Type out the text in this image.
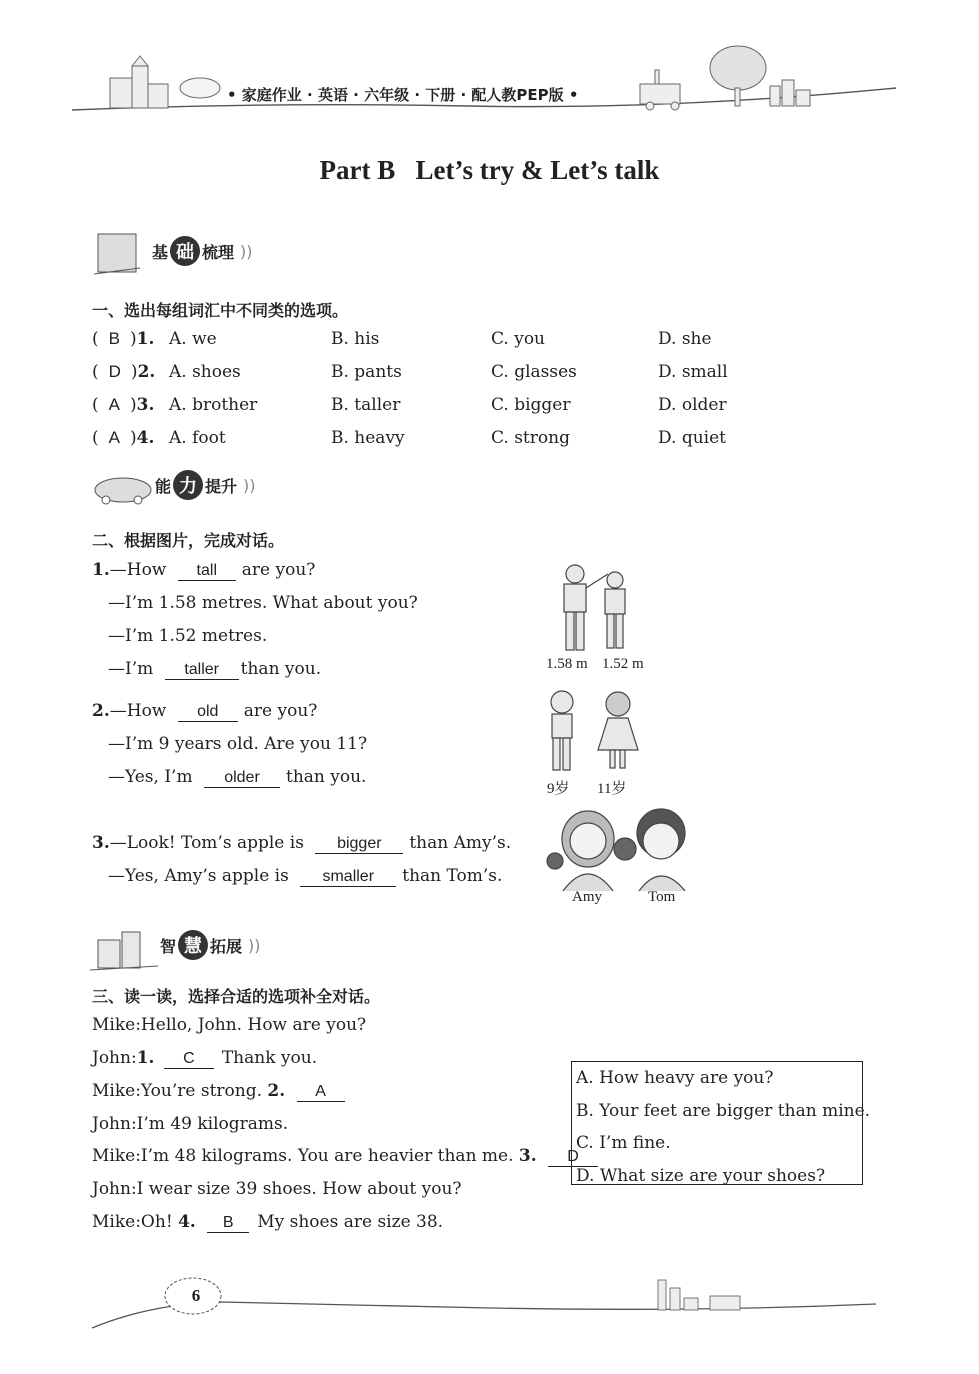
• 家庭作业 · 英语 · 六年级 · 下册 · 配人教PEP版 •
Part B   Let’s try & Let’s talk
基 础 梳理 ))
一、选出每组词汇中不同类的选项。
( B )1. A. we	B. his	C. you	D. she
( D )2. A. shoes	B. pants	C. glasses	D. small
( A )3. A. brother	B. taller	C. bigger	D. older
( A )4. A. foot	B. heavy	C. strong	D. quiet
能 力 提升 ))
二、根据图片，完成对话。
1.—How tall are you?
—I’m 1.58 metres. What about you?
—I’m 1.52 metres.
—I’m taller than you.	1.58 m 1.52 m
2.—How old are you?
—I’m 9 years old. Are you 11?
—Yes, I’m older than you.
9岁 11岁
3.—Look! Tom’s apple is bigger than Amy’s.
—Yes, Amy’s apple is smaller than Tom’s.
Amy	Tom
智 慧 拓展 ))
三、读一读，选择合适的选项补全对话。
Mike:Hello, John. How are you?
John:1. C Thank you.
Mike:You’re strong. 2. A
John:I’m 49 kilograms.
Mike:I’m 48 kilograms. You are heavier than me. 3. D
John:I wear size 39 shoes. How about you?
Mike:Oh! 4. B My shoes are size 38.
A. How heavy are you?
B. Your feet are bigger than mine.
C. I’m fine.
D. What size are your shoes?
6
